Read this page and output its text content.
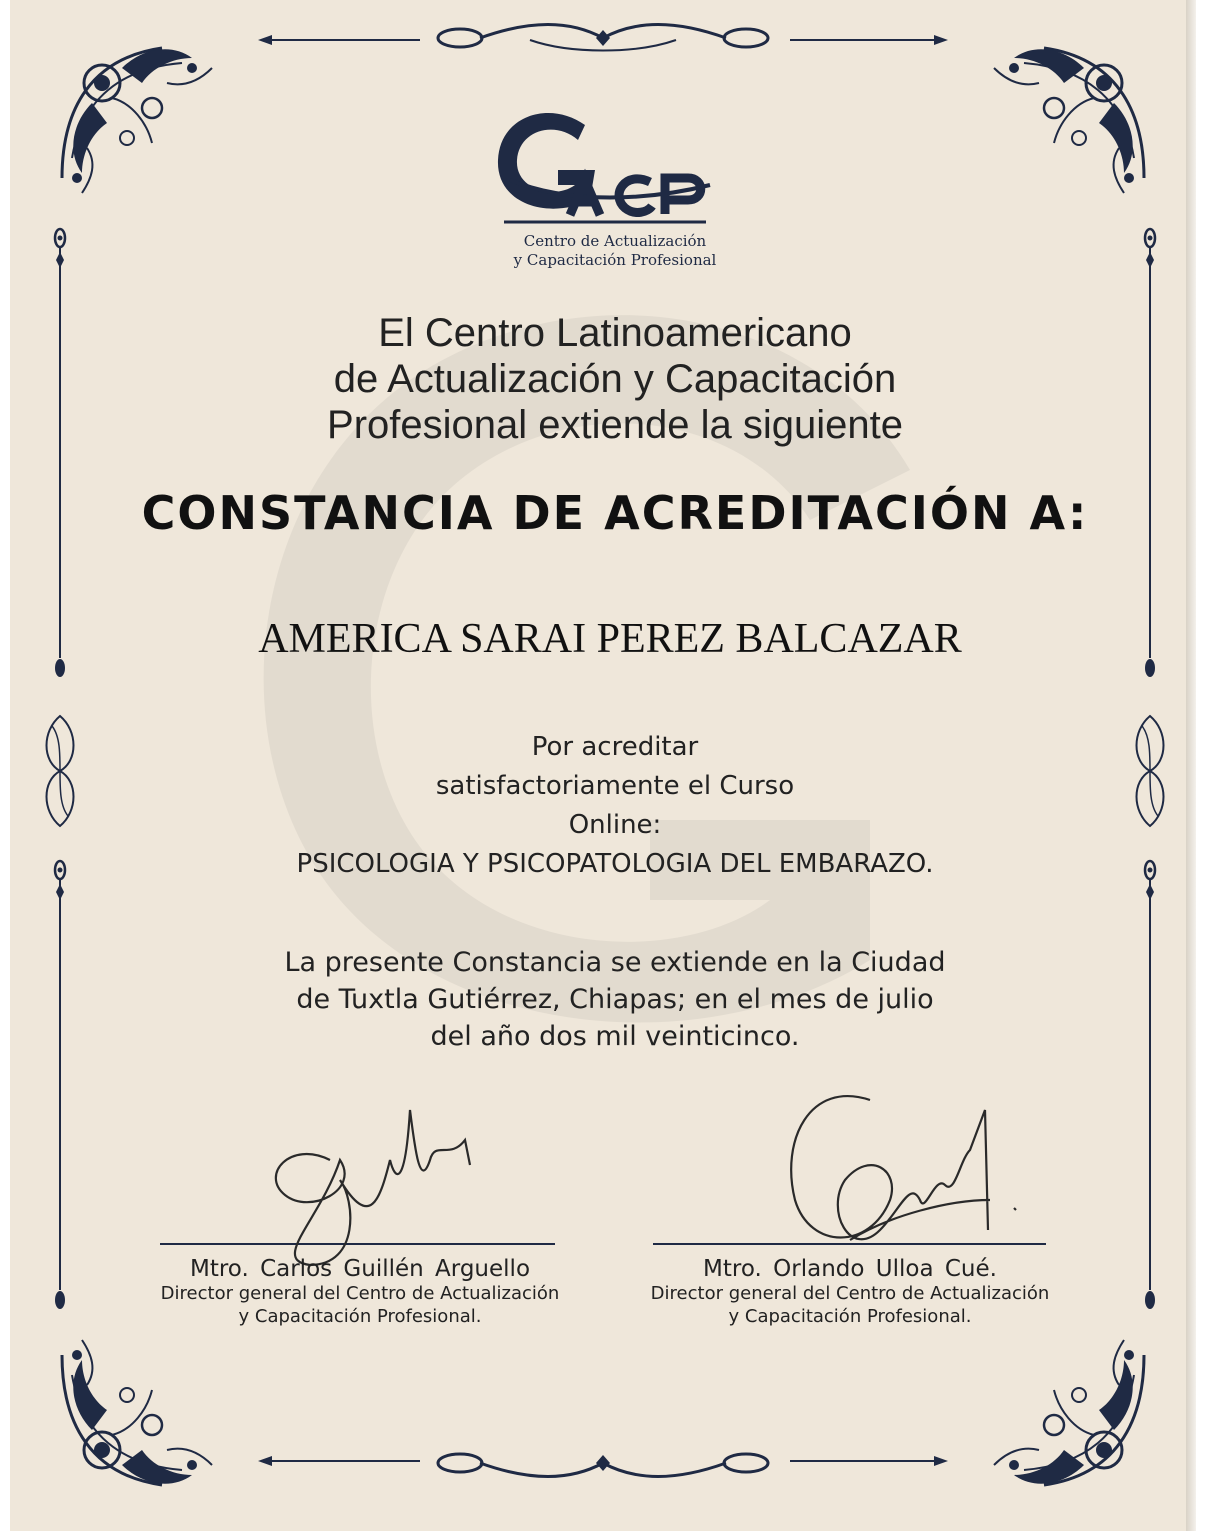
Centro de Actualización
y Capacitación Profesional
El Centro Latinoamericano
de Actualización y Capacitación
Profesional extiende la siguiente
CONSTANCIA DE ACREDITACIÓN A:
AMERICA SARAI PEREZ BALCAZAR
Por acreditar
satisfactoriamente el Curso
Online:
PSICOLOGIA Y PSICOPATOLOGIA DEL EMBARAZO.
La presente Constancia se extiende en la Ciudad
de Tuxtla Gutiérrez, Chiapas; en el mes de julio
del año dos mil veinticinco.
Mtro. Carlos Guillén Arguello
Director general del Centro de Actualización
y Capacitación Profesional.
Mtro. Orlando Ulloa Cué.
Director general del Centro de Actualización
y Capacitación Profesional.
